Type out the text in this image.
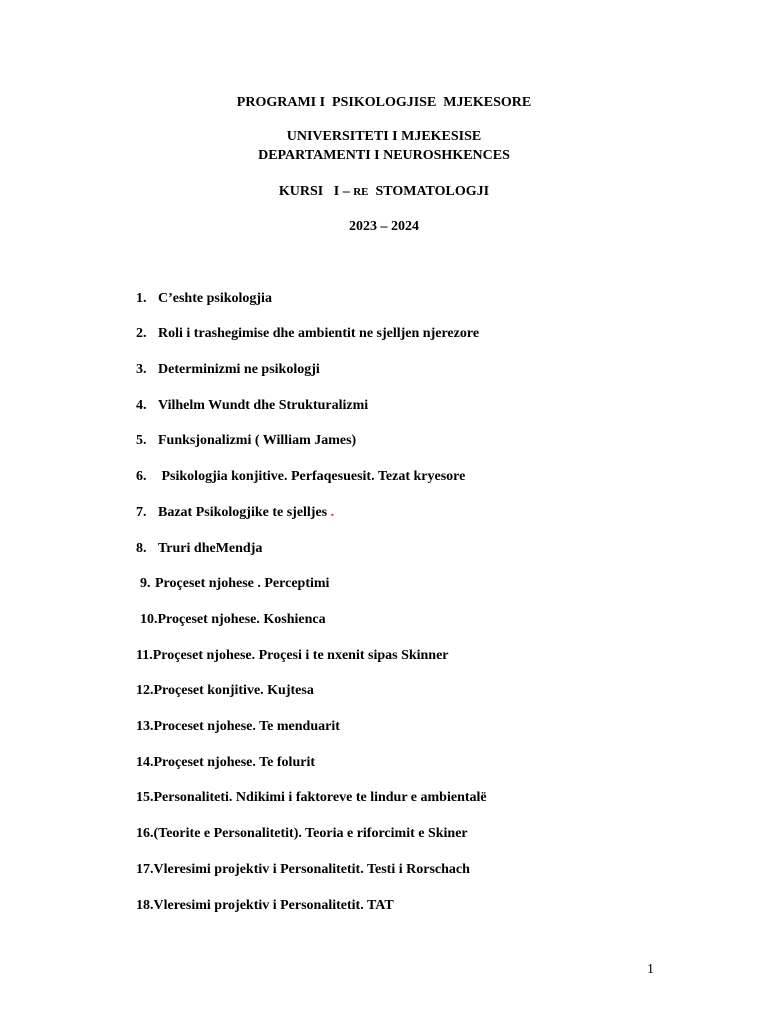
PROGRAMI I  PSIKOLOGJISE  MJEKESORE
UNIVERSITETI I MJEKESISE
DEPARTAMENTI I NEUROSHKENCES
KURSI   I – RE  STOMATOLOGJI
2023 – 2024
1. C’eshte psikologjia
2. Roli i trashegimise dhe ambientit ne sjelljen njerezore
3. Determinizmi ne psikologji
4. Vilhelm Wundt dhe Strukturalizmi
5. Funksjonalizmi ( William James)
6. Psikologjia konjitive. Perfaqesuesit. Tezat kryesore
7. Bazat Psikologjike te sjelljes .
8. Truri dheMendja
9. Proçeset njohese . Perceptimi
10.Proçeset njohese. Koshienca
11.Proçeset njohese. Proçesi i te nxenit sipas Skinner
12.Proçeset konjitive. Kujtesa
13.Proceset njohese. Te menduarit
14.Proçeset njohese. Te folurit
15.Personaliteti. Ndikimi i faktoreve te lindur e ambientalë
16.(Teorite e Personalitetit). Teoria e riforcimit e Skiner
17.Vleresimi projektiv i Personalitetit. Testi i Rorschach
18.Vleresimi projektiv i Personalitetit. TAT
1
